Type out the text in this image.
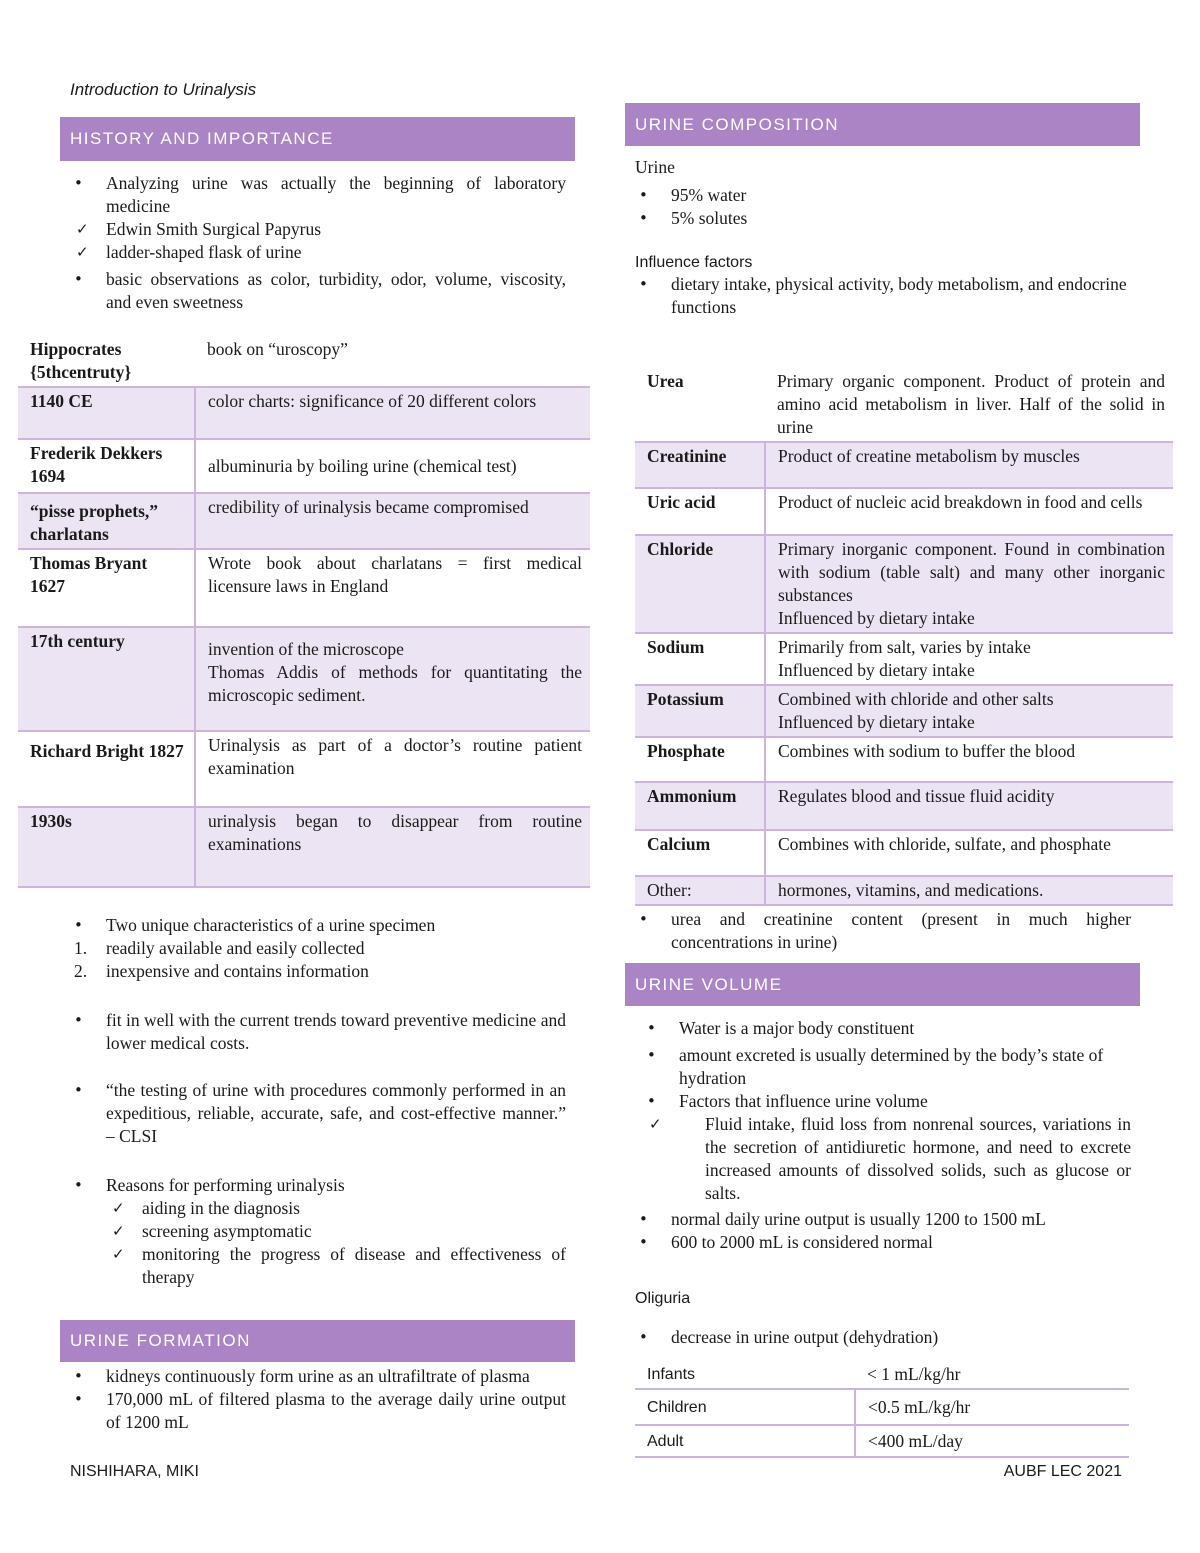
Introduction to Urinalysis
HISTORY AND IMPORTANCE
• Analyzing urine was actually the beginning of laboratory medicine
✓ Edwin Smith Surgical Papyrus
✓ ladder-shaped flask of urine
• basic observations as color, turbidity, odor, volume, viscosity, and even sweetness
Hippocrates {5thcentruty}	book on “uroscopy”
1140 CE	color charts: significance of 20 different colors
Frederik Dekkers 1694	albuminuria by boiling urine (chemical test)
“pisse prophets,” charlatans	credibility of urinalysis became compromised
Thomas Bryant 1627	Wrote book about charlatans = first medical licensure laws in England
17th century	invention of the microscope
Thomas Addis of methods for quantitating the microscopic sediment.

Richard Bright 1827	Urinalysis as part of a doctor’s routine patient examination
1930s	urinalysis began to disappear from routine examinations
• Two unique characteristics of a urine specimen
1. readily available and easily collected
2. inexpensive and contains information
• fit in well with the current trends toward preventive medicine and lower medical costs.
• “the testing of urine with procedures commonly performed in an expeditious, reliable, accurate, safe, and cost-effective manner.” – CLSI
• Reasons for performing urinalysis
✓ aiding in the diagnosis
✓ screening asymptomatic
✓ monitoring the progress of disease and effectiveness of therapy
URINE FORMATION
• kidneys continuously form urine as an ultrafiltrate of plasma
• 170,000 mL of filtered plasma to the average daily urine output of 1200 mL
NISHIHARA, MIKI
URINE COMPOSITION
Urine
• 95% water
• 5% solutes
Influence factors
• dietary intake, physical activity, body metabolism, and endocrine functions
Urea	Primary organic component. Product of protein and amino acid metabolism in liver. Half of the solid in urine
Creatinine	Product of creatine metabolism by muscles
Uric acid	Product of nucleic acid breakdown in food and cells
Chloride	Primary inorganic component. Found in combination with sodium (table salt) and many other inorganic substances
Influenced by dietary intake

Sodium	Primarily from salt, varies by intake
Influenced by dietary intake

Potassium	Combined with chloride and other salts
Influenced by dietary intake

Phosphate	Combines with sodium to buffer the blood
Ammonium	Regulates blood and tissue fluid acidity
Calcium	Combines with chloride, sulfate, and phosphate
Other:	hormones, vitamins, and medications.
• urea and creatinine content (present in much higher concentrations in urine)
URINE VOLUME
• Water is a major body constituent
• amount excreted is usually determined by the body’s state of hydration
• Factors that influence urine volume
✓ Fluid intake, fluid loss from nonrenal sources, variations in the secretion of antidiuretic hormone, and need to excrete increased amounts of dissolved solids, such as glucose or salts.
• normal daily urine output is usually 1200 to 1500 mL
• 600 to 2000 mL is considered normal
Oliguria
• decrease in urine output (dehydration)
Infants	< 1 mL/kg/hr
Children	<0.5 mL/kg/hr
Adult	<400 mL/day
AUBF LEC 2021
